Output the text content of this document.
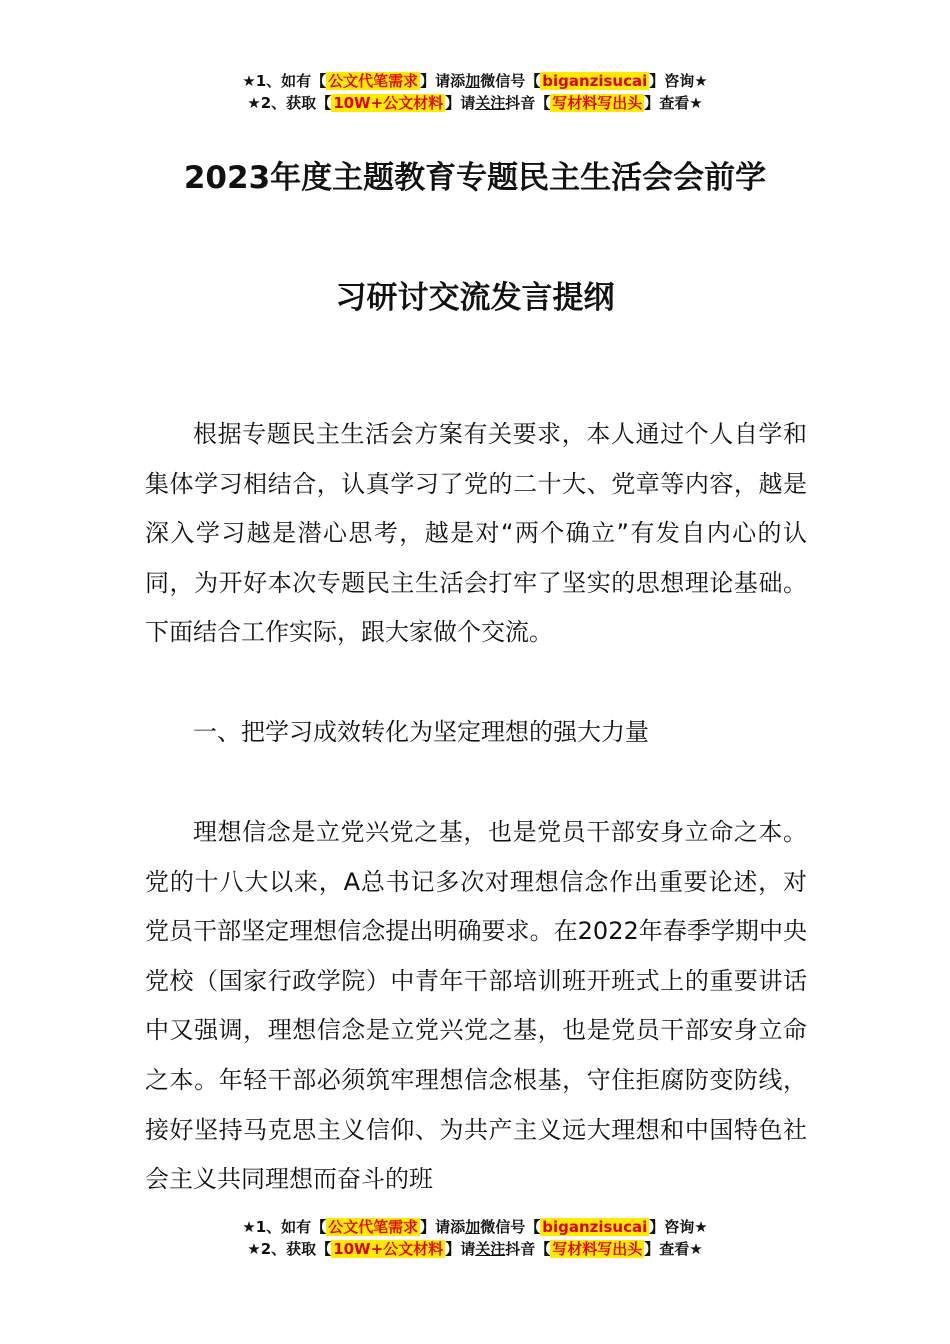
★1、如有【 公文代笔需求 】请添加微信号【 biganzisucai 】咨询★
★2、获取【 10W+公文材料 】请关注抖音【 写材料写出头 】查看★
2023年度主题教育专题民主生活会会前学
习研讨交流发言提纲

根据专题民主生活会方案有关要求，本人通过个人自学和集体学习相结合，认真学习了党的二十大、党章等内容，越是深入学习越是潜心思考，越是对“两个确立”有发自内心的认同，为开好本次专题民主生活会打牢了坚实的思想理论基础。下面结合工作实际，跟大家做个交流。

一、把学习成效转化为坚定理想的强大力量

理想信念是立党兴党之基，也是党员干部安身立命之本。党的十八大以来，A总书记多次对理想信念作出重要论述，对党员干部坚定理想信念提出明确要求。在2022年春季学期中央党校（国家行政学院）中青年干部培训班开班式上的重要讲话中又强调，理想信念是立党兴党之基，也是党员干部安身立命之本。年轻干部必须筑牢理想信念根基，守住拒腐防变防线，接好坚持马克思主义信仰、为共产主义远大理想和中国特色社会主义共同理想而奋斗的班

★1、如有【 公文代笔需求 】请添加微信号【 biganzisucai 】咨询★
★2、获取【 10W+公文材料 】请关注抖音【 写材料写出头 】查看★
